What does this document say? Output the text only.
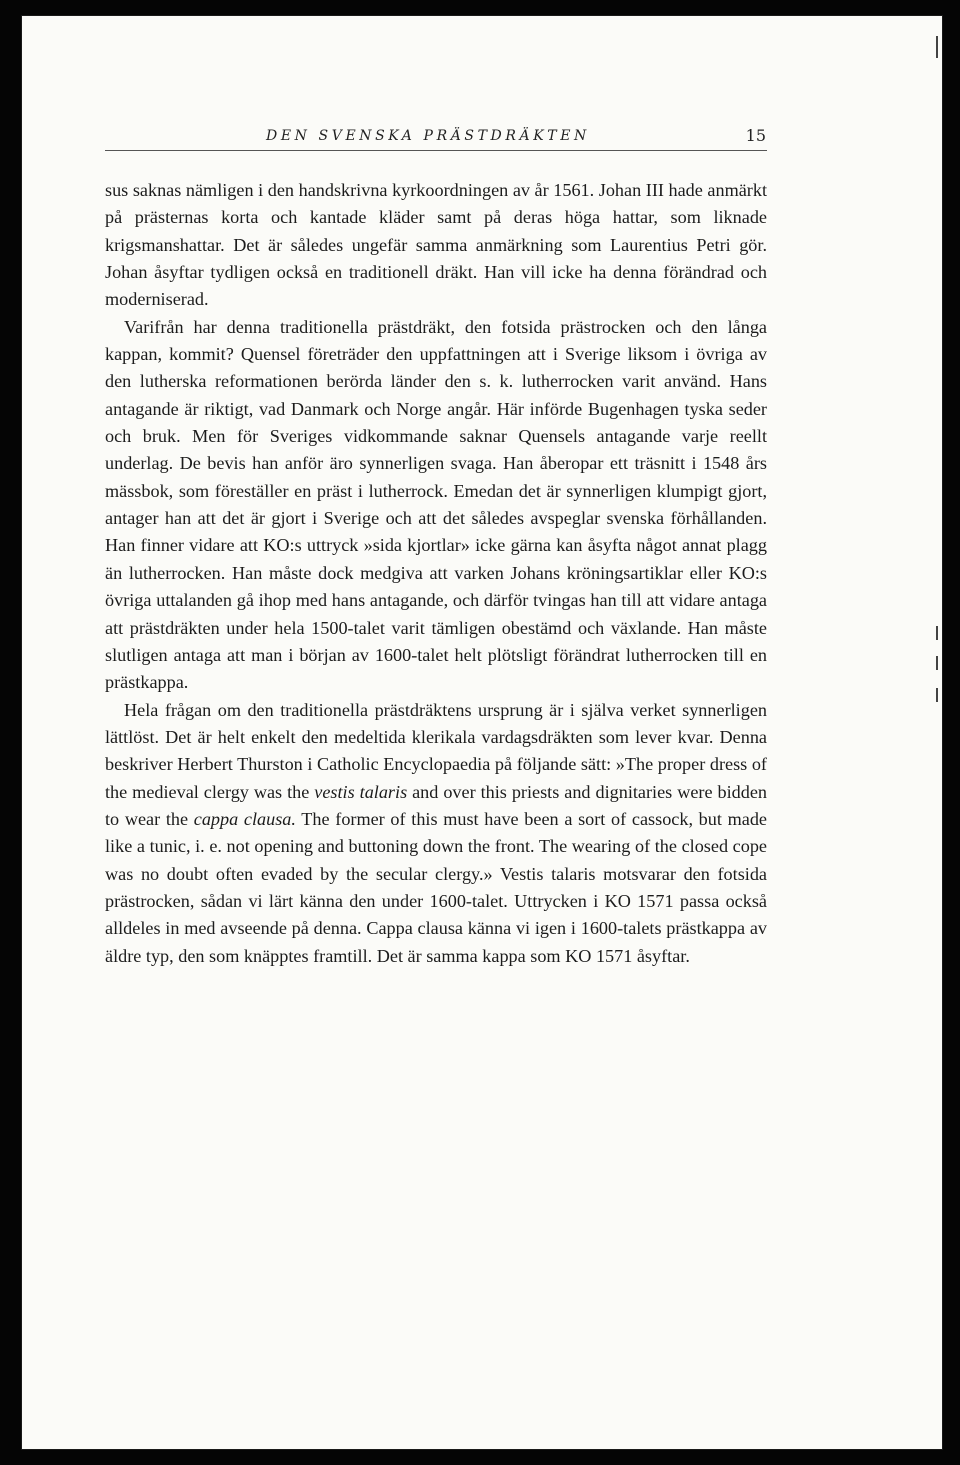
DEN SVENSKA PRÄSTDRÄKTEN	15

sus saknas nämligen i den handskrivna kyrkoordningen av år 1561. Johan III hade anmärkt på prästernas korta och kantade kläder samt på deras höga hattar, som liknade krigsmanshattar. Det är således ungefär samma anmärkning som Laurentius Petri gör. Johan åsyftar tydligen också en traditionell dräkt. Han vill icke ha denna förändrad och moderniserad.

Varifrån har denna traditionella prästdräkt, den fotsida prästrocken och den långa kappan, kommit? Quensel företräder den uppfattningen att i Sverige liksom i övriga av den lutherska reformationen berörda länder den s. k. lutherrocken varit använd. Hans antagande är riktigt, vad Danmark och Norge angår. Här införde Bugenhagen tyska seder och bruk. Men för Sveriges vidkommande saknar Quensels antagande varje reellt underlag. De bevis han anför äro synnerligen svaga. Han åberopar ett träsnitt i 1548 års mässbok, som föreställer en präst i lutherrock. Emedan det är synnerligen klumpigt gjort, antager han att det är gjort i Sverige och att det således avspeglar svenska förhållanden. Han finner vidare att KO:s uttryck »sida kjortlar» icke gärna kan åsyfta något annat plagg än lutherrocken. Han måste dock medgiva att varken Johans kröningsartiklar eller KO:s övriga uttalanden gå ihop med hans antagande, och därför tvingas han till att vidare antaga att prästdräkten under hela 1500-talet varit tämligen obestämd och växlande. Han måste slutligen antaga att man i början av 1600-talet helt plötsligt förändrat lutherrocken till en prästkappa.

Hela frågan om den traditionella prästdräktens ursprung är i själva verket synnerligen lättlöst. Det är helt enkelt den medeltida klerikala vardagsdräkten som lever kvar. Denna beskriver Herbert Thurston i Catholic Encyclopaedia på följande sätt: »The proper dress of the medieval clergy was the vestis talaris and over this priests and dignitaries were bidden to wear the cappa clausa. The former of this must have been a sort of cassock, but made like a tunic, i. e. not opening and buttoning down the front. The wearing of the closed cope was no doubt often evaded by the secular clergy.» Vestis talaris motsvarar den fotsida prästrocken, sådan vi lärt känna den under 1600-talet. Uttrycken i KO 1571 passa också alldeles in med avseende på denna. Cappa clausa känna vi igen i 1600-talets prästkappa av äldre typ, den som knäpptes framtill. Det är samma kappa som KO 1571 åsyftar.
